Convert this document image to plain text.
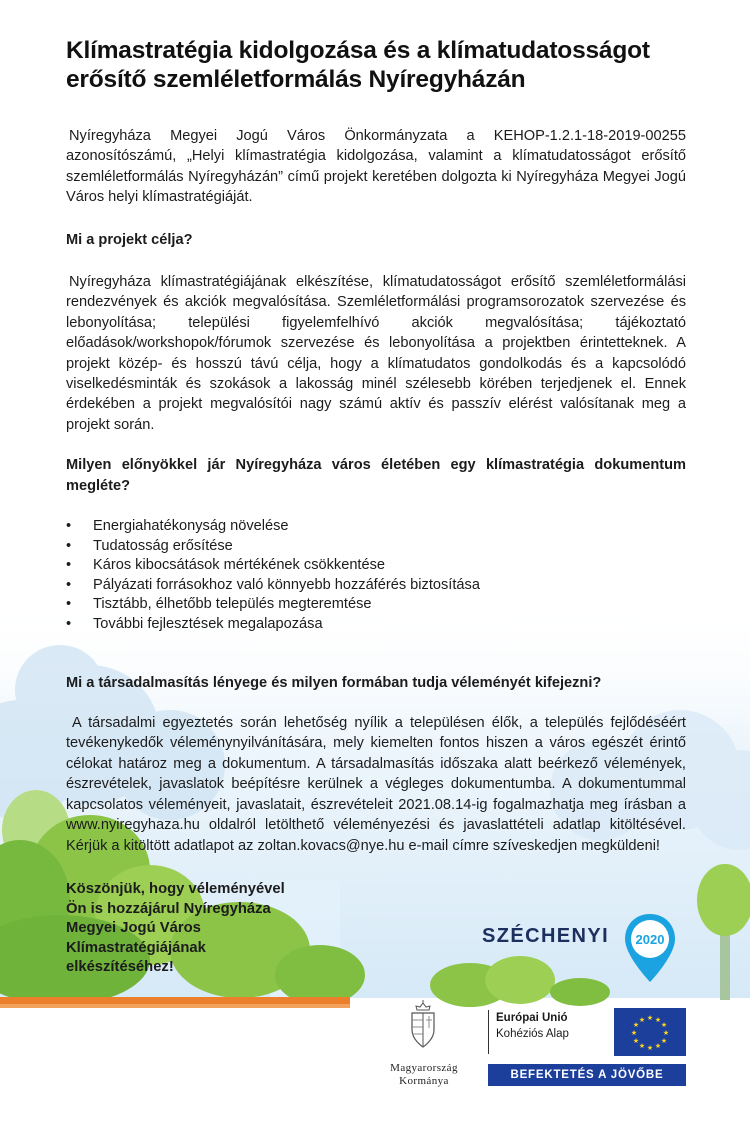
Klímastratégia kidolgozása és a klímatudatosságot erősítő szemléletformálás Nyíregyházán

Nyíregyháza Megyei Jogú Város Önkormányzata a KEHOP-1.2.1-18-2019-00255 azonosítószámú, „Helyi klímastratégia kidolgozása, valamint a klímatudatosságot erősítő szemléletformálás Nyíregyházán” című projekt keretében dolgozta ki Nyíregyháza Megyei Jogú Város helyi klímastratégiáját.

Mi a projekt célja?

Nyíregyháza klímastratégiájának elkészítése, klímatudatosságot erősítő szemléletformálási rendezvények és akciók megvalósítása. Szemléletformálási programsorozatok szervezése és lebonyolítása; települési figyelemfelhívó akciók megvalósítása; tájékoztató előadások/workshopok/fórumok szervezése és lebonyolítása a projektben érintetteknek. A projekt közép- és hosszú távú célja, hogy a klímatudatos gondolkodás és a kapcsolódó viselkedésminták és szokások a lakosság minél szélesebb körében terjedjenek el. Ennek érdekében a projekt megvalósítói nagy számú aktív és passzív elérést valósítanak meg a projekt során.

Milyen előnyökkel jár Nyíregyháza város életében egy klímastratégia dokumentum megléte?
• Energiahatékonyság növelése
• Tudatosság erősítése
• Káros kibocsátások mértékének csökkentése
• Pályázati forrásokhoz való könnyebb hozzáférés biztosítása
• Tisztább, élhetőbb település megteremtése
• További fejlesztések megalapozása
Mi a társadalmasítás lényege és milyen formában tudja véleményét kifejezni?

A társadalmi egyeztetés során lehetőség nyílik a településen élők, a település fejlődéséért tevékenykedők véleménynyilvánítására, mely kiemelten fontos hiszen a város egészét érintő célokat határoz meg a dokumentum. A társadalmasítás időszaka alatt beérkező vélemények, észrevételek, javaslatok beépítésre kerülnek a végleges dokumentumba. A dokumentummal kapcsolatos véleményeit, javaslatait, észrevételeit 2021.08.14-ig fogalmazhatja meg írásban a www.nyiregyhaza.hu oldalról letölthető véleményezési és javaslattételi adatlap kitöltésével. Kérjük a kitöltött adatlapot az zoltan.kovacs@nye.hu e-mail címre szíveskedjen megküldeni!

Köszönjük, hogy véleményével Ön is hozzájárul Nyíregyháza Megyei Jogú Város Klímastratégiájának elkészítéséhez!
SZÉCHENYI 2020
Magyarország
Kormánya
Európai Unió
Kohéziós Alap
★ ★
★
★
★
★
★
★
★
★
★
★
BEFEKTETÉS A JÖVŐBE
